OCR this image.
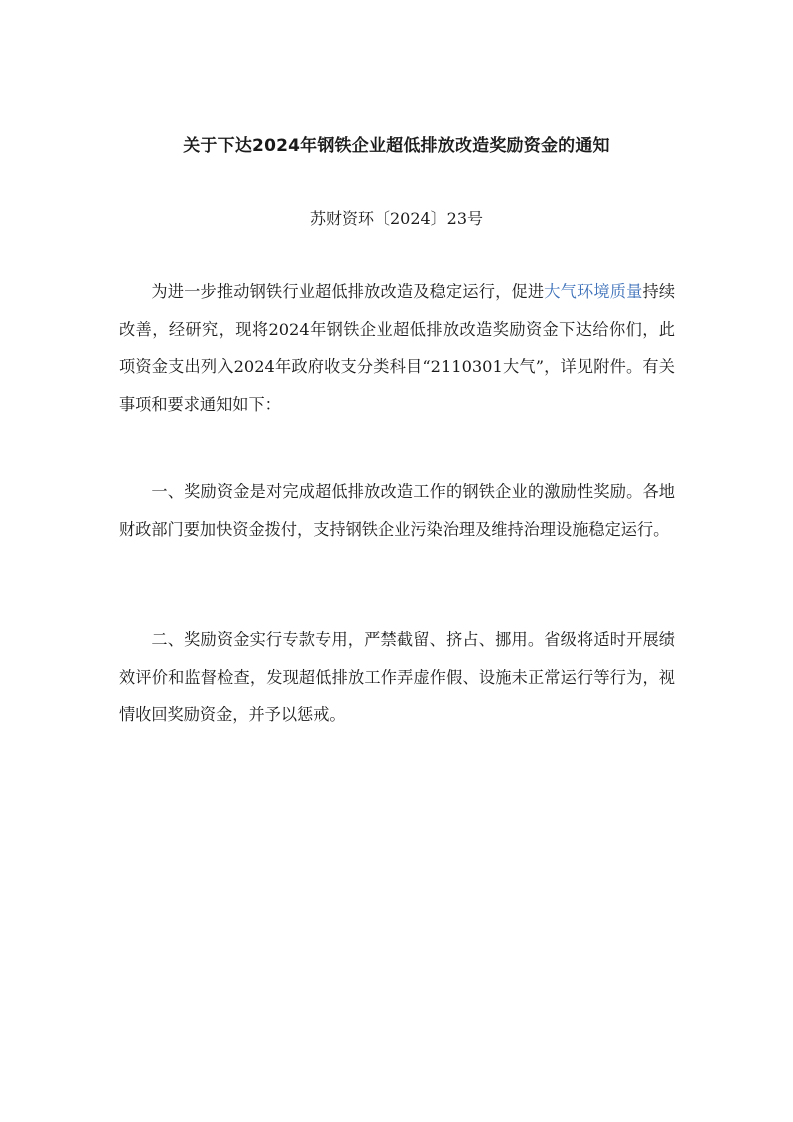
关于下达2024年钢铁企业超低排放改造奖励资金的通知
苏财资环〔2024〕23号

为进一步推动钢铁行业超低排放改造及稳定运行，促进大气环境质量持续改善，经研究，现将2024年钢铁企业超低排放改造奖励资金下达给你们，此项资金支出列入2024年政府收支分类科目“2110301大气”，详见附件。有关事项和要求通知如下：

一、奖励资金是对完成超低排放改造工作的钢铁企业的激励性奖励。各地财政部门要加快资金拨付，支持钢铁企业污染治理及维持治理设施稳定运行。

二、奖励资金实行专款专用，严禁截留、挤占、挪用。省级将适时开展绩效评价和监督检查，发现超低排放工作弄虚作假、设施未正常运行等行为，视情收回奖励资金，并予以惩戒。
